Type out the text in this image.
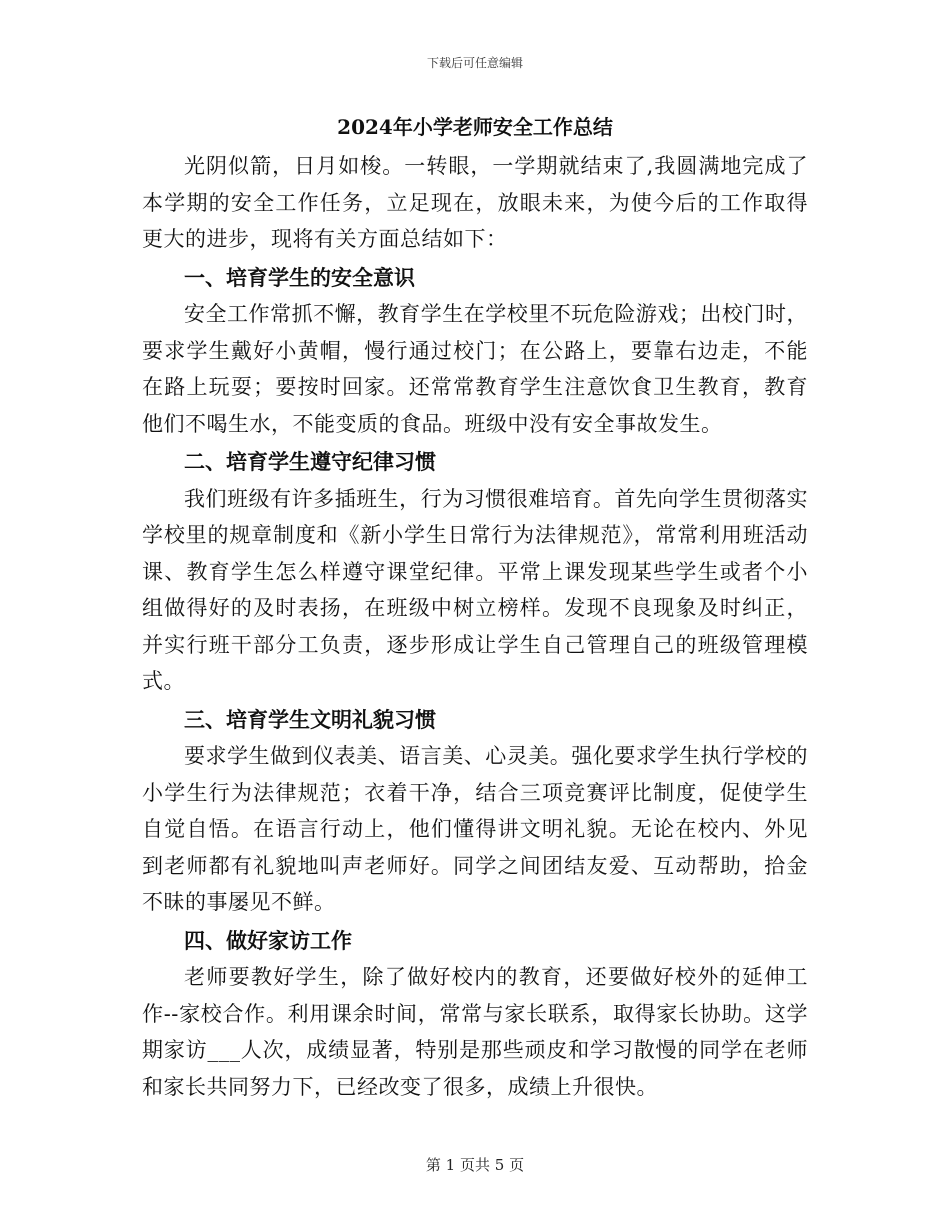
下载后可任意编辑
2024年小学老师安全工作总结

光阴似箭，日月如梭。一转眼，一学期就结束了,我圆满地完成了本学期的安全工作任务，立足现在，放眼未来，为使今后的工作取得更大的进步，现将有关方面总结如下：

一、培育学生的安全意识

安全工作常抓不懈，教育学生在学校里不玩危险游戏；出校门时，要求学生戴好小黄帽，慢行通过校门；在公路上，要靠右边走，不能在路上玩耍；要按时回家。还常常教育学生注意饮食卫生教育，教育他们不喝生水，不能变质的食品。班级中没有安全事故发生。

二、培育学生遵守纪律习惯

我们班级有许多插班生，行为习惯很难培育。首先向学生贯彻落实学校里的规章制度和《新小学生日常行为法律规范》，常常利用班活动课、教育学生怎么样遵守课堂纪律。平常上课发现某些学生或者个小组做得好的及时表扬，在班级中树立榜样。发现不良现象及时纠正，并实行班干部分工负责，逐步形成让学生自己管理自己的班级管理模式。

三、培育学生文明礼貌习惯

要求学生做到仪表美、语言美、心灵美。强化要求学生执行学校的小学生行为法律规范；衣着干净，结合三项竞赛评比制度，促使学生自觉自悟。在语言行动上，他们懂得讲文明礼貌。无论在校内、外见到老师都有礼貌地叫声老师好。同学之间团结友爱、互动帮助，拾金不昧的事屡见不鲜。

四、做好家访工作

老师要教好学生，除了做好校内的教育，还要做好校外的延伸工作--家校合作。利用课余时间，常常与家长联系，取得家长协助。这学期家访___人次，成绩显著，特别是那些顽皮和学习散慢的同学在老师和家长共同努力下，已经改变了很多，成绩上升很快。

第 1 页共 5 页
